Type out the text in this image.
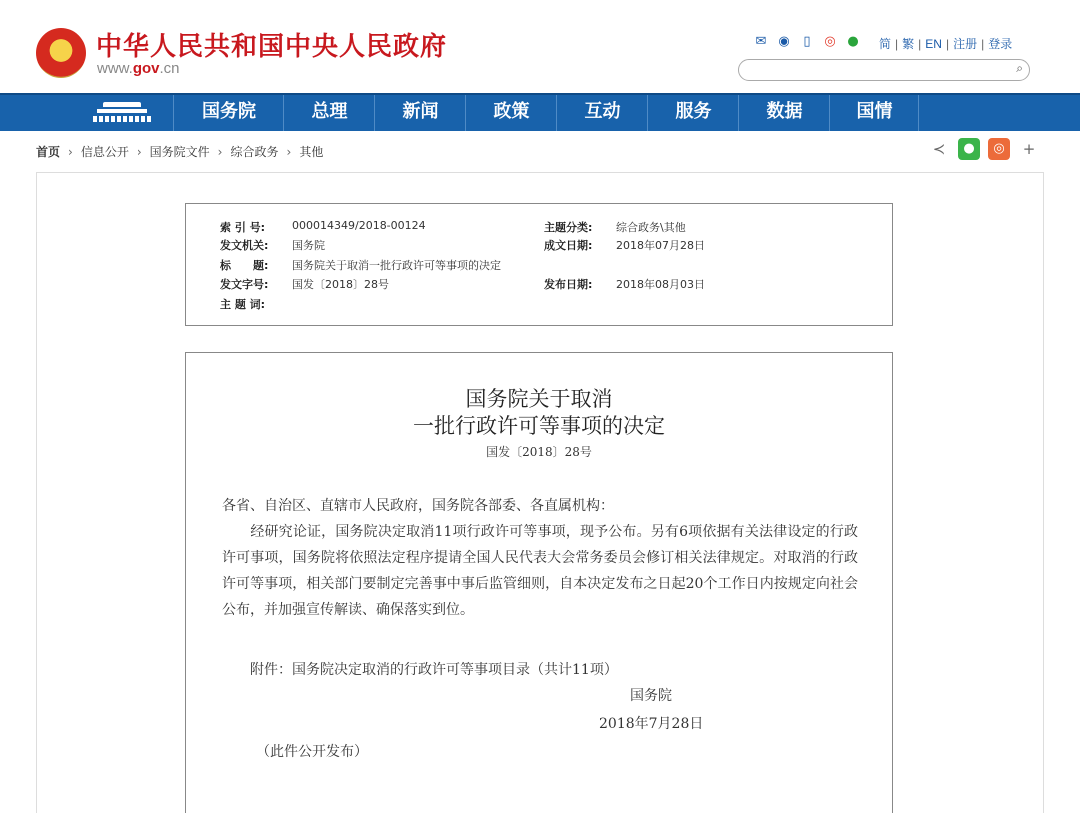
★ 中华人民共和国中央人民政府
www.gov.cn
✉ ◉	▯	◎ ● 简 | 繁 | EN | 注册 | 登录
⌕
国务院	总理	新闻	政策	互动	服务	数据	国情
首页 › 信息公开 › 国务院文件 › 综合政务 › 其他	≺	●	◎	+
索 引 号: 000014349/2018-00124	主题分类: 综合政务\其他
发文机关: 国务院	成文日期: 2018年07月28日
标　　题: 国务院关于取消一批行政许可等事项的决定
发文字号: 国发〔2018〕28号	发布日期: 2018年08月03日
主 题 词:
国务院关于取消
一批行政许可等事项的决定
国发〔2018〕28号
各省、自治区、直辖市人民政府，国务院各部委、各直属机构：
　　经研究论证，国务院决定取消11项行政许可等事项，现予公布。另有6项依据有关法律设定的行政许可事项，国务院将依照法定程序提请全国人民代表大会常务委员会修订相关法律规定。对取消的行政许可等事项，相关部门要制定完善事中事后监管细则，自本决定发布之日起20个工作日内按规定向社会公布，并加强宣传解读、确保落实到位。
　　附件：国务院决定取消的行政许可等事项目录（共计11项）
国务院
2018年7月28日
（此件公开发布）
